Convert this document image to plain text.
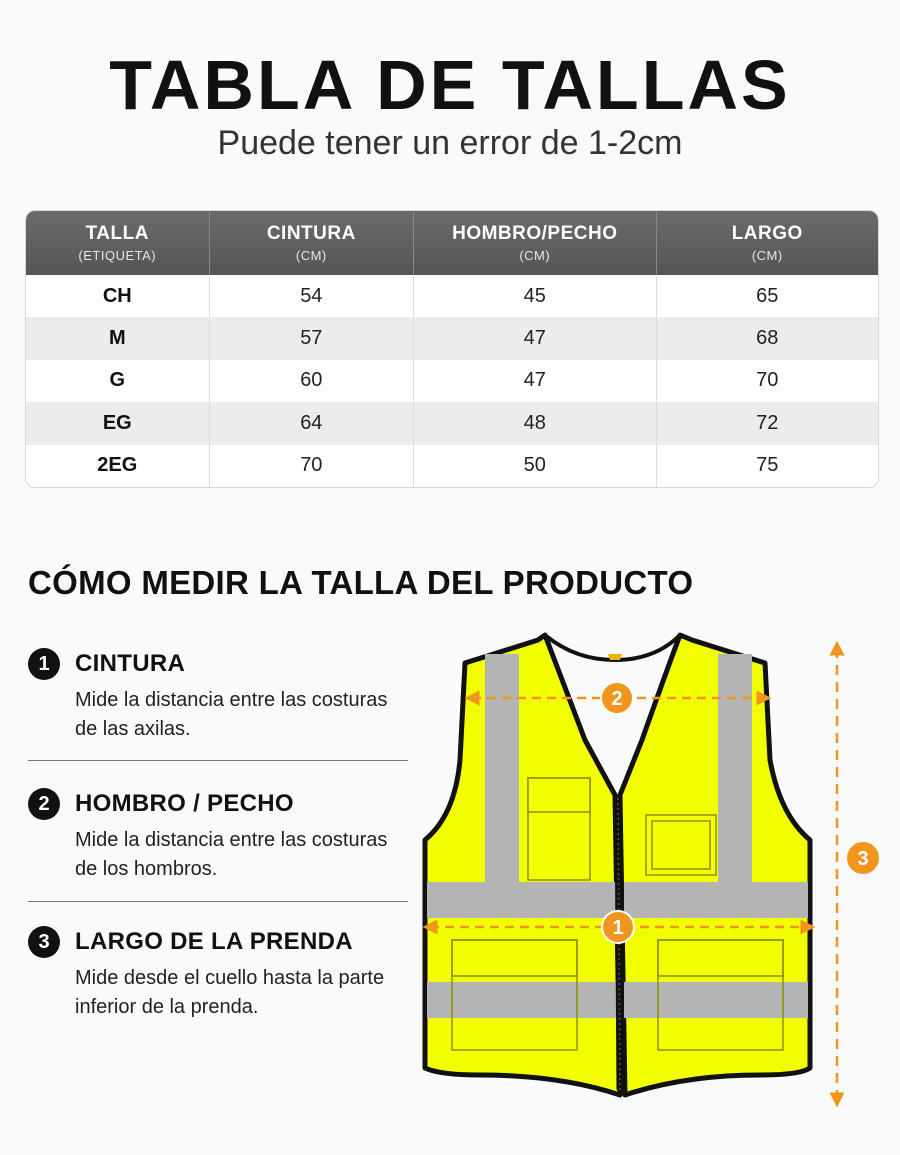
TABLA DE TALLAS
Puede tener un error de 1-2cm
TALLA
(ETIQUETA)
CINTURA
(CM)
HOMBRO/PECHO
(CM)
LARGO
(CM)
CH	54	45	65
M	57	47	68
G	60	47	70
EG	64	48	72
2EG	70	50	75
CÓMO MEDIR LA TALLA DEL PRODUCTO
1	CINTURA
Mide la distancia entre las costuras de las axilas.
2	HOMBRO / PECHO
Mide la distancia entre las costuras de los hombros.
3	LARGO DE LA PRENDA
Mide desde el cuello hasta la parte inferior de la prenda.
2
1
3
